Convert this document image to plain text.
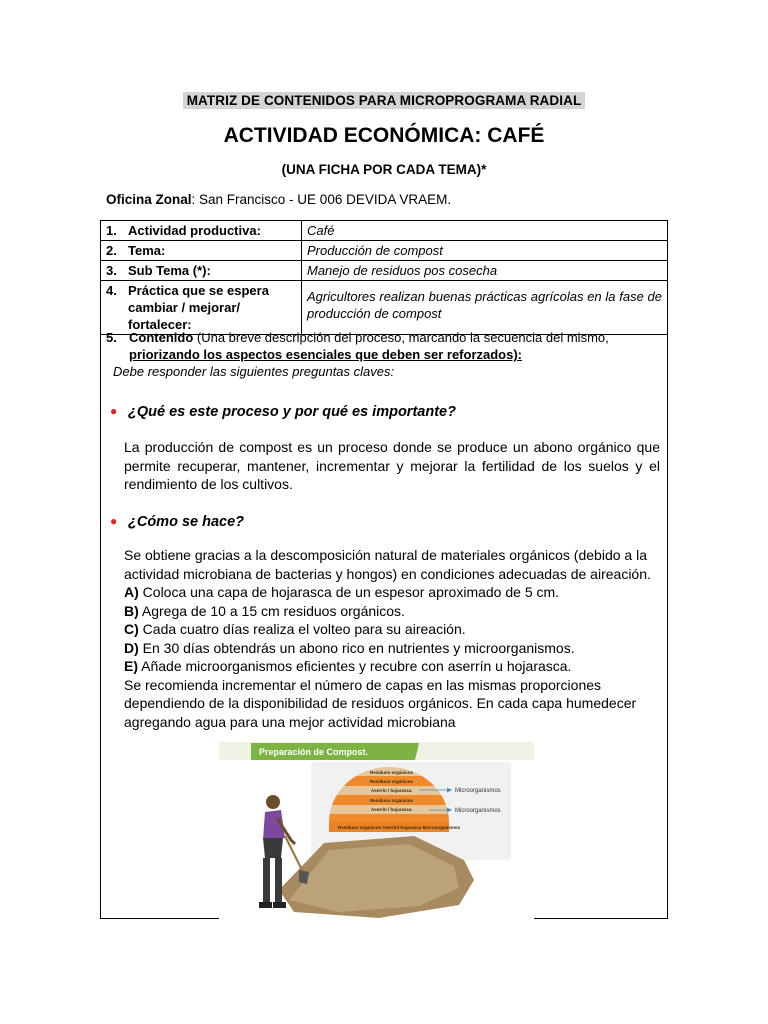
MATRIZ DE CONTENIDOS PARA MICROPROGRAMA RADIAL
ACTIVIDAD ECONÓMICA: CAFÉ
(UNA FICHA POR CADA TEMA)*
Oficina Zonal: San Francisco - UE 006 DEVIDA VRAEM.
1. Actividad productiva:	Café

2. Tema:	Producción de compost

3. Sub Tema (*):	Manejo de residuos pos cosecha

4. Práctica que se espera cambiar / mejorar/ fortalecer:	Agricultores realizan buenas prácticas agrícolas en la fase de producción de compost
5. Contenido (Una breve descripción del proceso, marcando la secuencia del mismo, priorizando los aspectos esenciales que deben ser reforzados):
Debe responder las siguientes preguntas claves:
● ¿Qué es este proceso y por qué es importante?
La producción de compost es un proceso donde se produce un abono orgánico que permite recuperar, mantener, incrementar y mejorar la fertilidad de los suelos y el rendimiento de los cultivos.
● ¿Cómo se hace?
Se obtiene gracias a la descomposición natural de materiales orgánicos (debido a la actividad microbiana de bacterias y hongos) en condiciones adecuadas de aireación.
A) Coloca una capa de hojarasca de un espesor aproximado de 5 cm.
B) Agrega de 10 a 15 cm residuos orgánicos.
C) Cada cuatro días realiza el volteo para su aireación.
D) En 30 días obtendrás un abono rico en nutrientes y microorganismos.
E) Añade microorganismos eficientes y recubre con aserrín u hojarasca.
Se recomienda incrementar el número de capas en las mismas proporciones dependiendo de la disponibilidad de residuos orgánicos. En cada capa humedecer agregando agua para una mejor actividad microbiana
Preparación de Compost.
Residuos orgánicos
Residuos orgánicos
Aserrín / hojarasca
Residuos orgánicos
Aserrín / hojarasca
Residuos orgánicos Aserrín/ hojarasca Microorganismos
Microorganismos
Microorganismos
